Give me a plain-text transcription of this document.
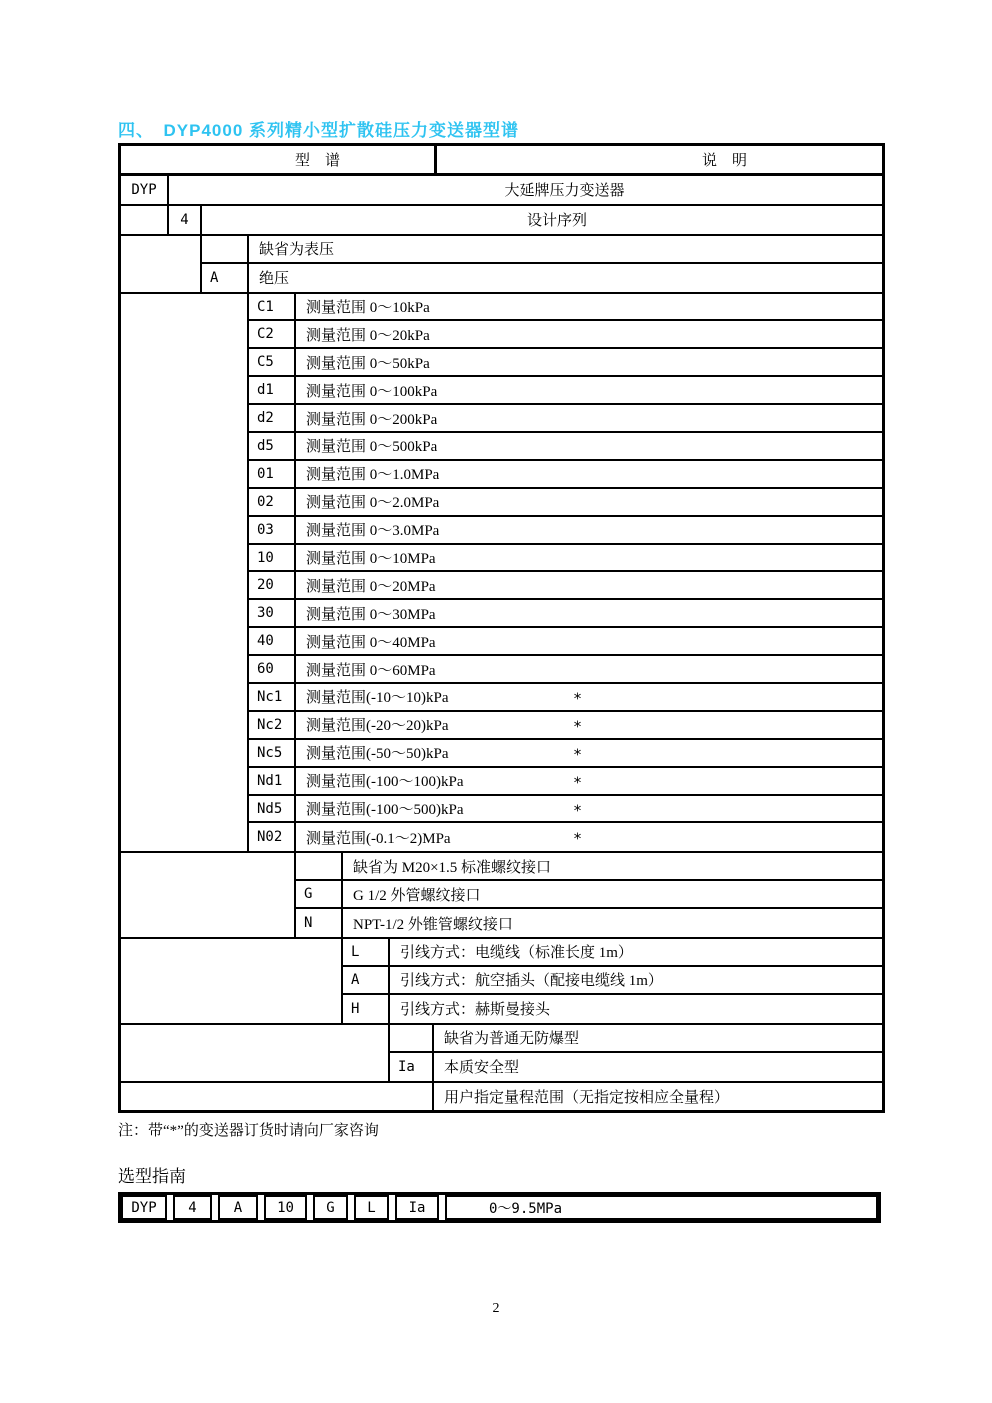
四、　DYP4000 系列精小型扩散硅压力变送器型谱
型　谱	说　明
DYP	大延牌压力变送器
4	设计序列
缺省为表压
A	绝压
C1	测量范围 0～10kPa
C2	测量范围 0～20kPa
C5	测量范围 0～50kPa
d1	测量范围 0～100kPa
d2	测量范围 0～200kPa
d5	测量范围 0～500kPa
01	测量范围 0～1.0MPa
02	测量范围 0～2.0MPa
03	测量范围 0～3.0MPa
10	测量范围 0～10MPa
20	测量范围 0～20MPa
30	测量范围 0～30MPa
40	测量范围 0～40MPa
60	测量范围 0～60MPa
Nc1	测量范围(-10～10)kPa	*
Nc2	测量范围(-20～20)kPa	*
Nc5	测量范围(-50～50)kPa	*
Nd1	测量范围(-100～100)kPa	*
Nd5	测量范围(-100～500)kPa	*
N02	测量范围(-0.1～2)MPa	*
缺省为 M20×1.5 标准螺纹接口
G	G 1/2 外管螺纹接口
N	NPT-1/2 外锥管螺纹接口
L	引线方式：电缆线（标准长度 1m）
A	引线方式：航空插头（配接电缆线 1m）
H	引线方式：赫斯曼接头
缺省为普通无防爆型
Ia	本质安全型
用户指定量程范围（无指定按相应全量程）
注：带“*”的变送器订货时请向厂家咨询
选型指南
DYP	4	A	10	G	L	Ia	0～9.5MPa
2
